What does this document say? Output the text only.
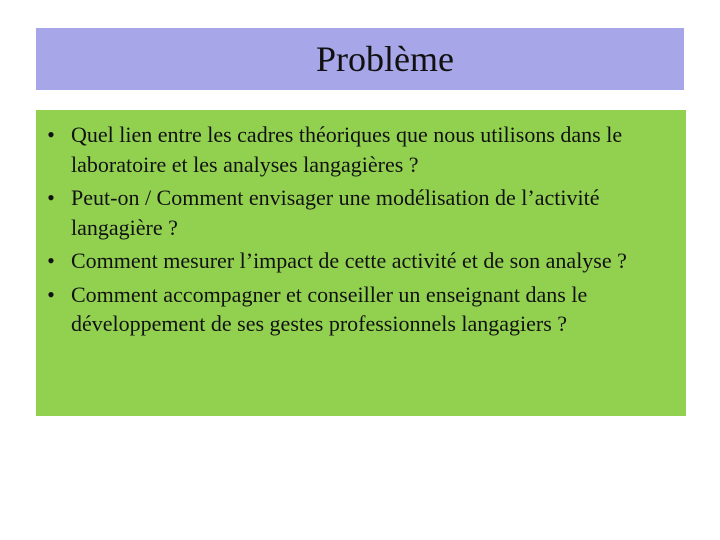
Problème
• Quel lien entre les cadres théoriques que nous utilisons dans le laboratoire et les analyses langagières ?
• Peut-on / Comment envisager une modélisation de l’activité langagière ?
• Comment mesurer l’impact de cette activité et de son analyse ?
• Comment accompagner et conseiller un enseignant dans le développement de ses gestes professionnels langagiers ?
